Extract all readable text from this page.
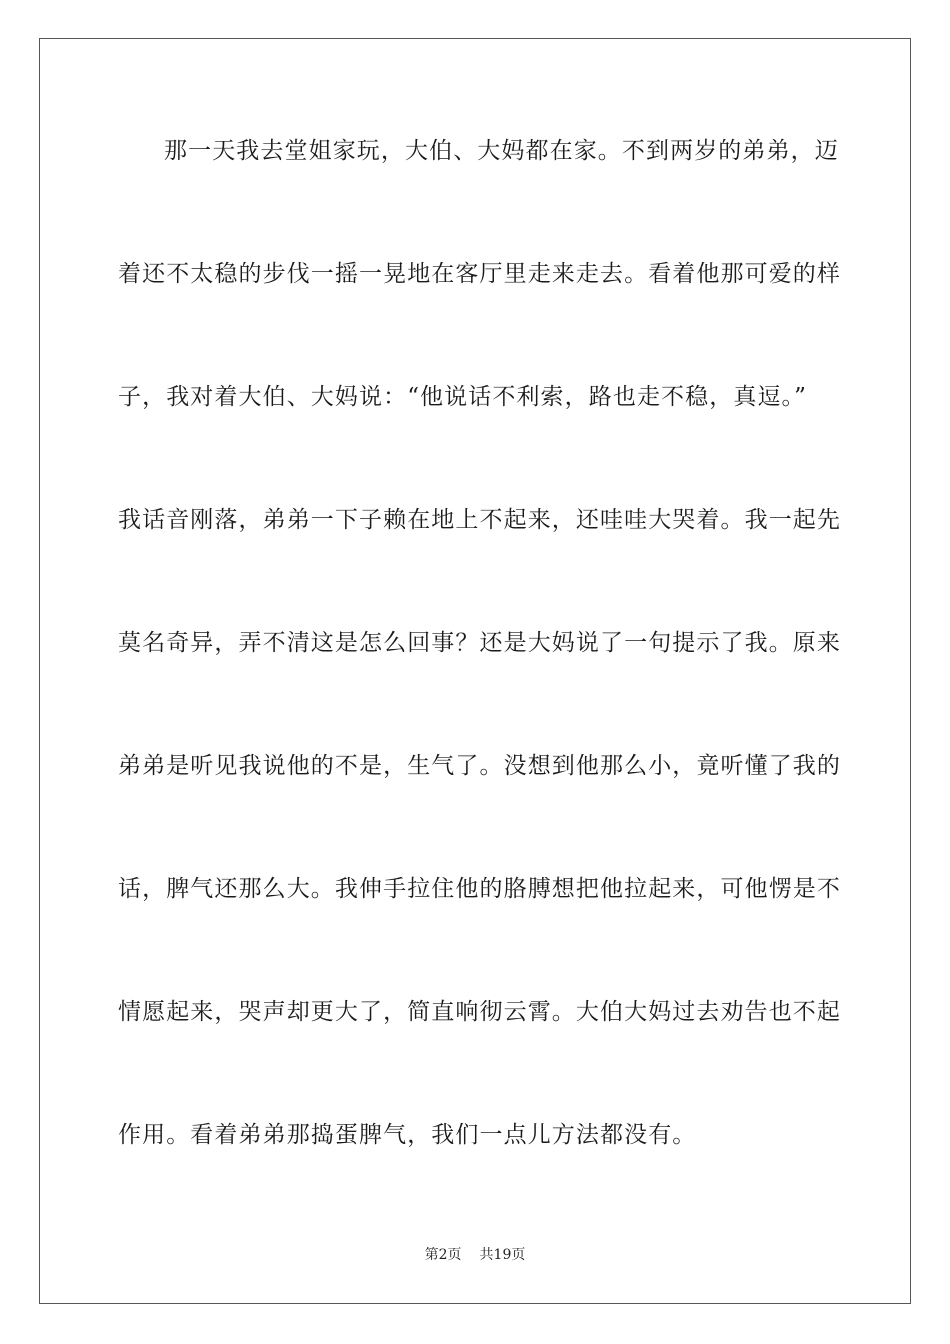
那一天我去堂姐家玩，大伯、大妈都在家。不到两岁的弟弟，迈
着还不太稳的步伐一摇一晃地在客厅里走来走去。看着他那可爱的样
子，我对着大伯、大妈说：“他说话不利索，路也走不稳，真逗。”
我话音刚落，弟弟一下子赖在地上不起来，还哇哇大哭着。我一起先
莫名奇异，弄不清这是怎么回事？还是大妈说了一句提示了我。原来
弟弟是听见我说他的不是，生气了。没想到他那么小，竟听懂了我的
话，脾气还那么大。我伸手拉住他的胳膊想把他拉起来，可他愣是不
情愿起来，哭声却更大了，简直响彻云霄。大伯大妈过去劝告也不起
作用。看着弟弟那捣蛋脾气，我们一点儿方法都没有。
第2页 共19页
